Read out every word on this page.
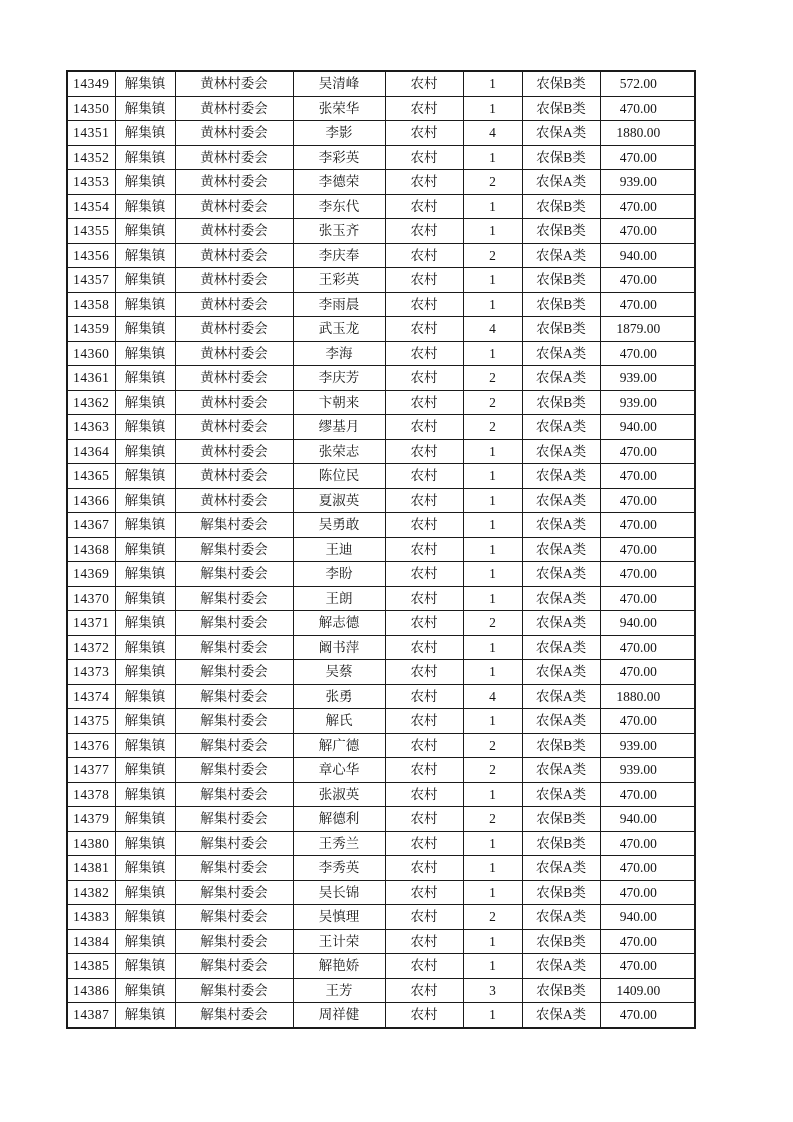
14349	解集镇	黄林村委会	吴清峰	农村	1	农保B类	572.00
14350	解集镇	黄林村委会	张荣华	农村	1	农保B类	470.00
14351	解集镇	黄林村委会	李影	农村	4	农保A类	1880.00
14352	解集镇	黄林村委会	李彩英	农村	1	农保B类	470.00
14353	解集镇	黄林村委会	李德荣	农村	2	农保A类	939.00
14354	解集镇	黄林村委会	李东代	农村	1	农保B类	470.00
14355	解集镇	黄林村委会	张玉齐	农村	1	农保B类	470.00
14356	解集镇	黄林村委会	李庆奉	农村	2	农保A类	940.00
14357	解集镇	黄林村委会	王彩英	农村	1	农保B类	470.00
14358	解集镇	黄林村委会	李雨晨	农村	1	农保B类	470.00
14359	解集镇	黄林村委会	武玉龙	农村	4	农保B类	1879.00
14360	解集镇	黄林村委会	李海	农村	1	农保A类	470.00
14361	解集镇	黄林村委会	李庆芳	农村	2	农保A类	939.00
14362	解集镇	黄林村委会	卞朝来	农村	2	农保B类	939.00
14363	解集镇	黄林村委会	缪基月	农村	2	农保A类	940.00
14364	解集镇	黄林村委会	张荣志	农村	1	农保A类	470.00
14365	解集镇	黄林村委会	陈位民	农村	1	农保A类	470.00
14366	解集镇	黄林村委会	夏淑英	农村	1	农保A类	470.00
14367	解集镇	解集村委会	吴勇敢	农村	1	农保A类	470.00
14368	解集镇	解集村委会	王迪	农村	1	农保A类	470.00
14369	解集镇	解集村委会	李盼	农村	1	农保A类	470.00
14370	解集镇	解集村委会	王朗	农村	1	农保A类	470.00
14371	解集镇	解集村委会	解志德	农村	2	农保A类	940.00
14372	解集镇	解集村委会	阚书萍	农村	1	农保A类	470.00
14373	解集镇	解集村委会	吴蔡	农村	1	农保A类	470.00
14374	解集镇	解集村委会	张勇	农村	4	农保A类	1880.00
14375	解集镇	解集村委会	解氏	农村	1	农保A类	470.00
14376	解集镇	解集村委会	解广德	农村	2	农保B类	939.00
14377	解集镇	解集村委会	章心华	农村	2	农保A类	939.00
14378	解集镇	解集村委会	张淑英	农村	1	农保A类	470.00
14379	解集镇	解集村委会	解德利	农村	2	农保B类	940.00
14380	解集镇	解集村委会	王秀兰	农村	1	农保B类	470.00
14381	解集镇	解集村委会	李秀英	农村	1	农保A类	470.00
14382	解集镇	解集村委会	吴长锦	农村	1	农保B类	470.00
14383	解集镇	解集村委会	吴慎理	农村	2	农保A类	940.00
14384	解集镇	解集村委会	王计荣	农村	1	农保B类	470.00
14385	解集镇	解集村委会	解艳娇	农村	1	农保A类	470.00
14386	解集镇	解集村委会	王芳	农村	3	农保B类	1409.00
14387	解集镇	解集村委会	周祥健	农村	1	农保A类	470.00
